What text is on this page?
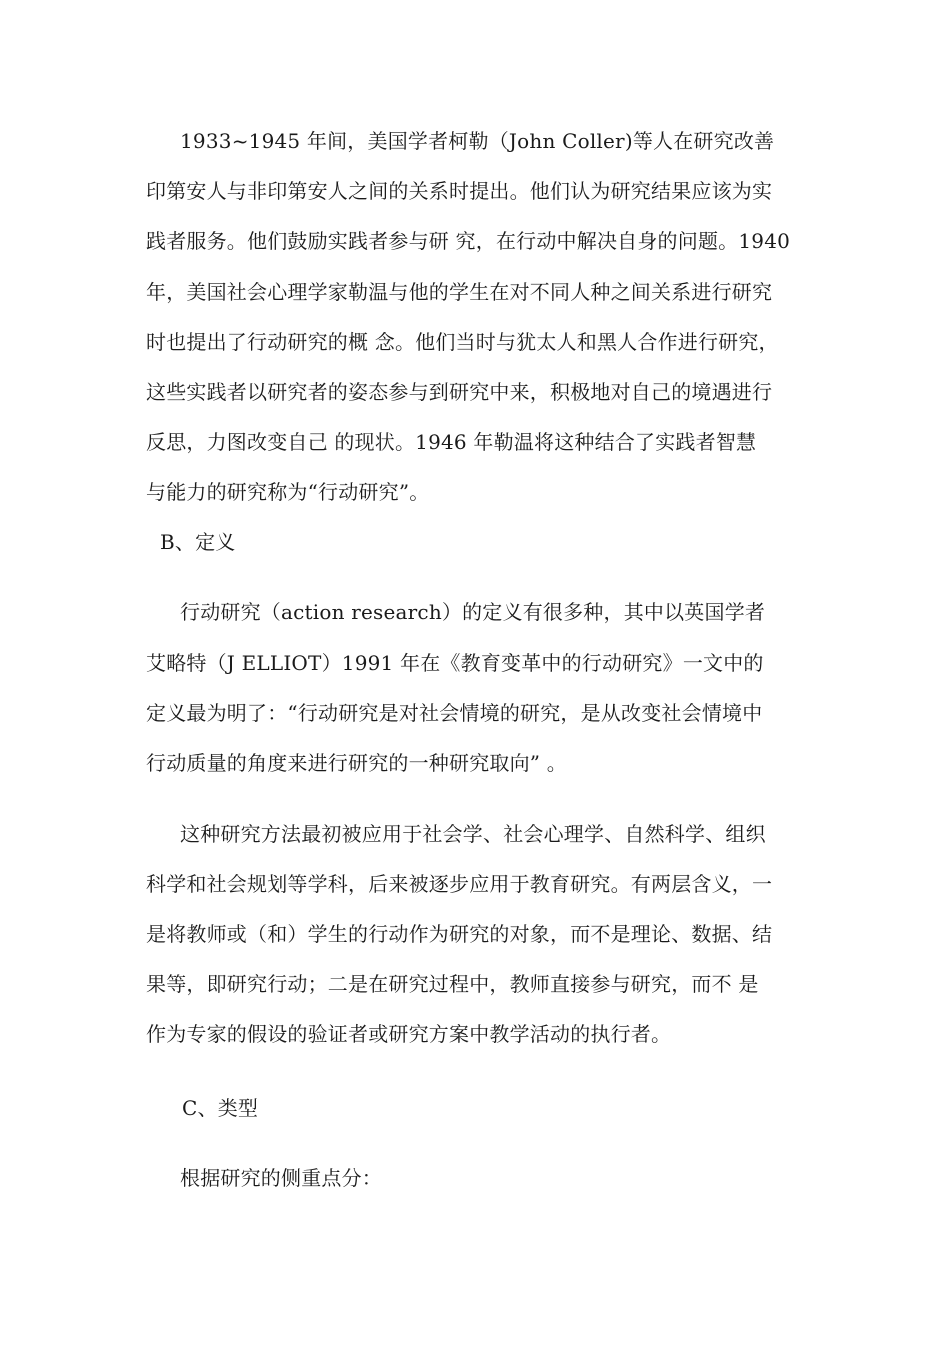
1933~1945 年间，美国学者柯勒（John Coller)等人在研究改善
印第安人与非印第安人之间的关系时提出。他们认为研究结果应该为实
践者服务。他们鼓励实践者参与研 究，在行动中解决自身的问题。1940
年，美国社会心理学家勒温与他的学生在对不同人种之间关系进行研究
时也提出了行动研究的概 念。他们当时与犹太人和黑人合作进行研究，
这些实践者以研究者的姿态参与到研究中来，积极地对自己的境遇进行
反思，力图改变自己 的现状。1946 年勒温将这种结合了实践者智慧
与能力的研究称为“行动研究”。
B、定义
行动研究（action research）的定义有很多种，其中以英国学者
艾略特（J ELLIOT）1991 年在《教育变革中的行动研究》一文中的
定义最为明了：“行动研究是对社会情境的研究，是从改变社会情境中
行动质量的角度来进行研究的一种研究取向” 。
这种研究方法最初被应用于社会学、社会心理学、自然科学、组织
科学和社会规划等学科，后来被逐步应用于教育研究。有两层含义，一
是将教师或（和）学生的行动作为研究的对象，而不是理论、数据、结
果等，即研究行动；二是在研究过程中，教师直接参与研究，而不 是
作为专家的假设的验证者或研究方案中教学活动的执行者。
C、类型
根据研究的侧重点分：
